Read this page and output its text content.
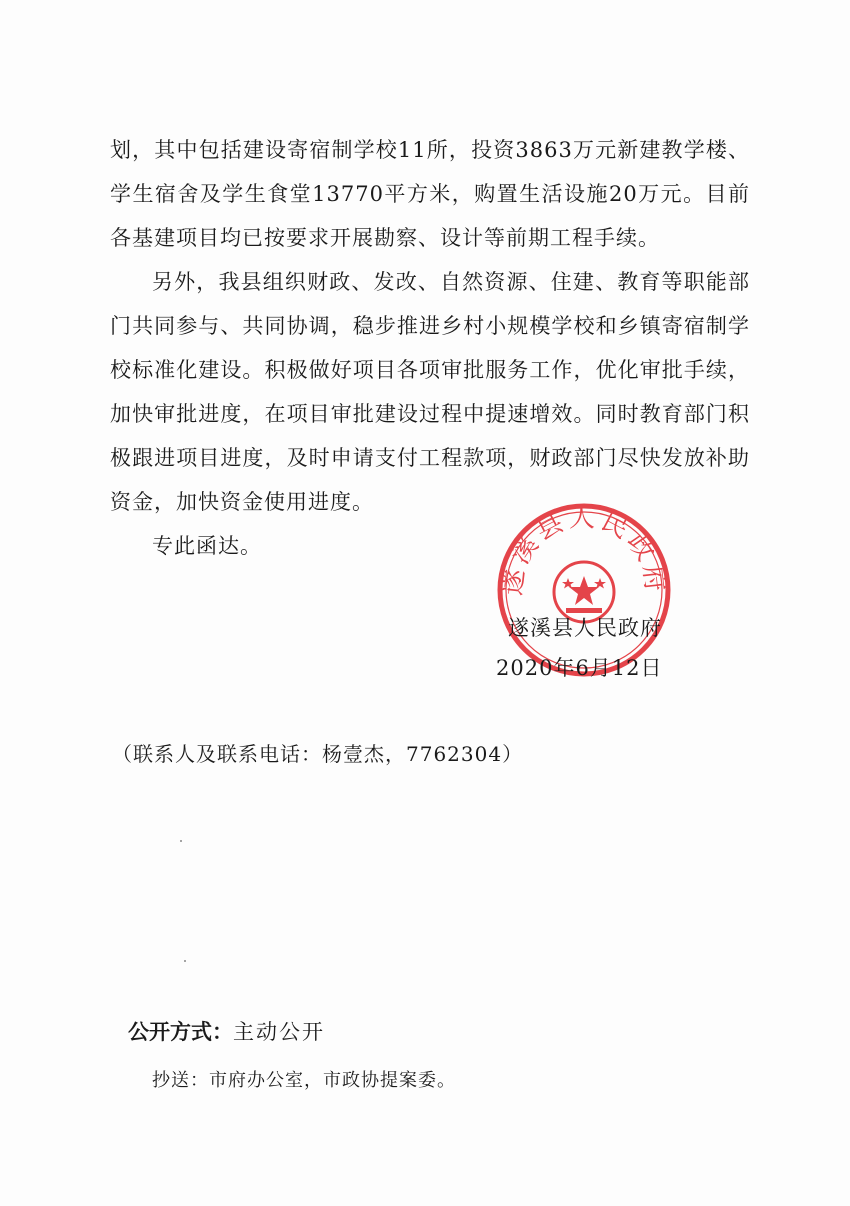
划，其中包括建设寄宿制学校11所，投资3863万元新建教学楼、学生宿舍及学生食堂13770平方米，购置生活设施20万元。目前各基建项目均已按要求开展勘察、设计等前期工程手续。

另外，我县组织财政、发改、自然资源、住建、教育等职能部门共同参与、共同协调，稳步推进乡村小规模学校和乡镇寄宿制学校标准化建设。积极做好项目各项审批服务工作，优化审批手续，加快审批进度，在项目审批建设过程中提速增效。同时教育部门积极跟进项目进度，及时申请支付工程款项，财政部门尽快发放补助资金，加快资金使用进度。

专此函达。
遂溪县人民政府
遂溪县人民政府
2020年6月12日
（联系人及联系电话：杨壹杰，7762304）
公开方式：主动公开
抄送：市府办公室，市政协提案委。
